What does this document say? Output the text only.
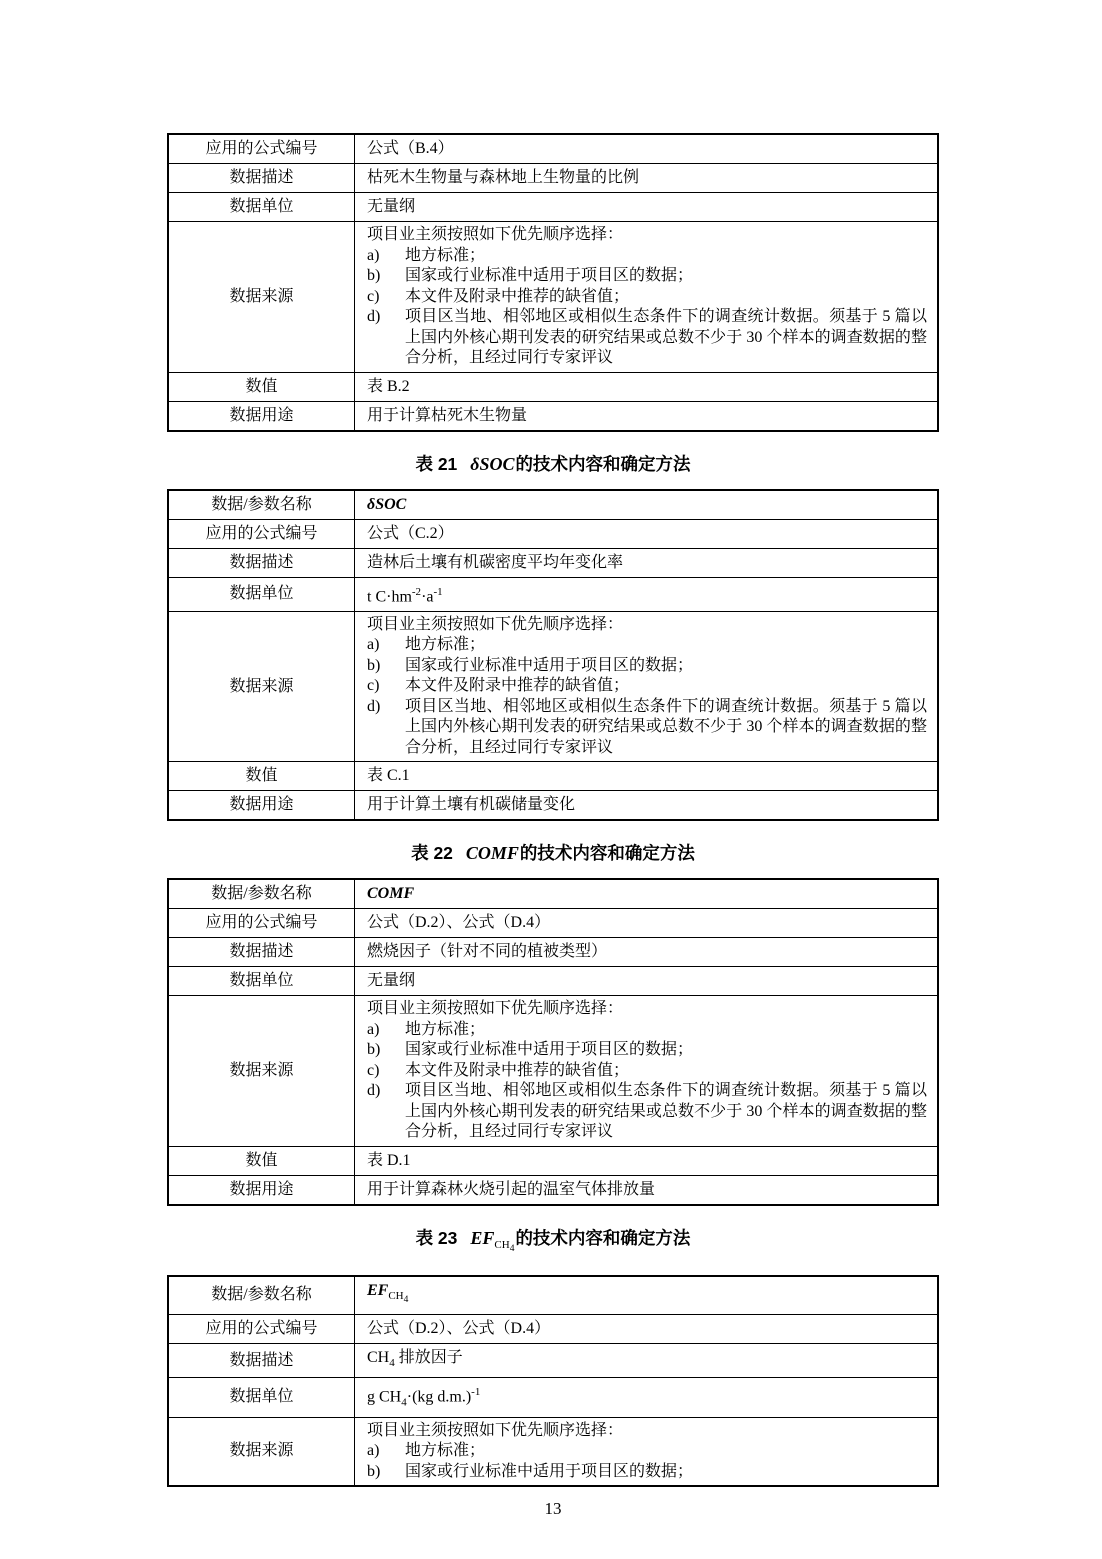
应用的公式编号	公式（B.4）
数据描述	枯死木生物量与森林地上生物量的比例
数据单位	无量纲
数据来源	
项目业主须按照如下优先顺序选择：
a)	地方标准；
b)	国家或行业标准中适用于项目区的数据；
c)	本文件及附录中推荐的缺省值；
d)	项目区当地、相邻地区或相似生态条件下的调查统计数据。须基于 5 篇以上国内外核心期刊发表的研究结果或总数不少于 30 个样本的调查数据的整合分析，且经过同行专家评议

数值	表 B.2
数据用途	用于计算枯死木生物量
表 21 δSOC的技术内容和确定方法
数据/参数名称	δSOC
应用的公式编号	公式（C.2）
数据描述	造林后土壤有机碳密度平均年变化率
数据单位	t $C\cdot hm^{-2}\cdot a^{-1}$
数据来源	
项目业主须按照如下优先顺序选择：
a)	地方标准；
b)	国家或行业标准中适用于项目区的数据；
c)	本文件及附录中推荐的缺省值；
d)	项目区当地、相邻地区或相似生态条件下的调查统计数据。须基于 5 篇以上国内外核心期刊发表的研究结果或总数不少于 30 个样本的调查数据的整合分析，且经过同行专家评议

数值	表 C.1
数据用途	用于计算土壤有机碳储量变化
表 22 COMF的技术内容和确定方法
数据/参数名称	COMF
应用的公式编号	公式（D.2）、公式（D.4）
数据描述	燃烧因子（针对不同的植被类型）
数据单位	无量纲
数据来源	
项目业主须按照如下优先顺序选择：
a)	地方标准；
b)	国家或行业标准中适用于项目区的数据；
c)	本文件及附录中推荐的缺省值；
d)	项目区当地、相邻地区或相似生态条件下的调查统计数据。须基于 5 篇以上国内外核心期刊发表的研究结果或总数不少于 30 个样本的调查数据的整合分析，且经过同行专家评议

数值	表 D.1
数据用途	用于计算森林火烧引起的温室气体排放量
表 23 $EF_{CH_4}$的技术内容和确定方法
数据/参数名称	$EF_{CH_4}$
应用的公式编号	公式（D.2）、公式（D.4）
数据描述	$CH_4$ 排放因子
数据单位	g $CH_4\cdot(kg$ d.m.)$^{-1}$
数据来源	项目业主须按照如下优先顺序选择：
a) 地方标准；
b) 国家或行业标准中适用于项目区的数据；
13
